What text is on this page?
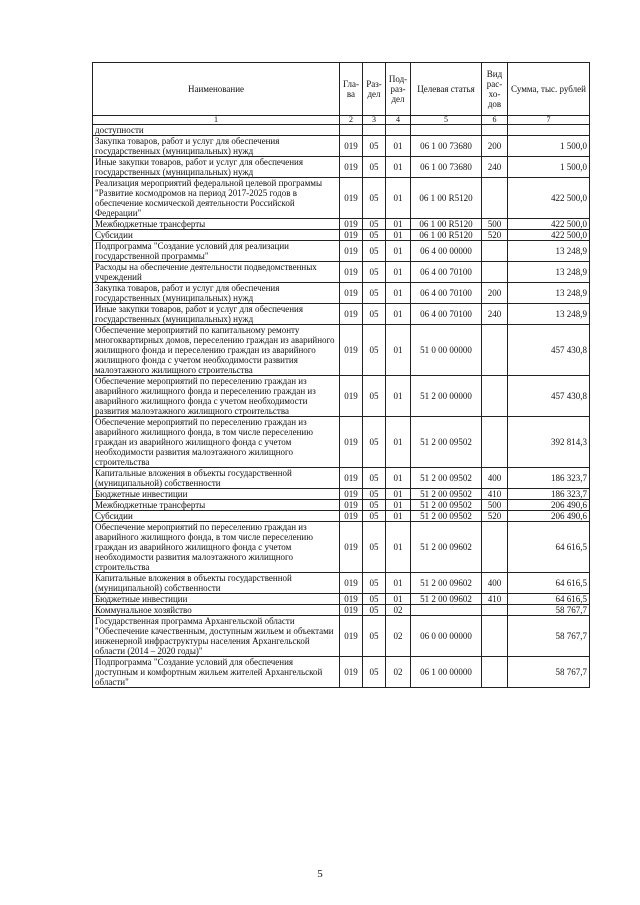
Наименование	Гла-ва	Раз-дел	Под-раз-дел	Целевая статья	Вид рас-хо-дов	Сумма, тыс. рублей
1	2	3	4	5	6	7
доступности						
Закупка товаров, работ и услуг для обеспечения государственных (муниципальных) нужд	019	05	01	06 1 00 73680	200	1 500,0
Иные закупки товаров, работ и услуг для обеспечения государственных (муниципальных) нужд	019	05	01	06 1 00 73680	240	1 500,0
Реализация мероприятий федеральной целевой программы "Развитие космодромов на период 2017-2025 годов в обеспечение космической деятельности Российской Федерации"	019	05	01	06 1 00 R5120		422 500,0
Межбюджетные трансферты	019	05	01	06 1 00 R5120	500	422 500,0
Субсидии	019	05	01	06 1 00 R5120	520	422 500,0
Подпрограмма "Создание условий для реализации государственной программы"	019	05	01	06 4 00 00000		13 248,9
Расходы на обеспечение деятельности подведомственных учреждений	019	05	01	06 4 00 70100		13 248,9
Закупка товаров, работ и услуг для обеспечения государственных (муниципальных) нужд	019	05	01	06 4 00 70100	200	13 248,9
Иные закупки товаров, работ и услуг для обеспечения государственных (муниципальных) нужд	019	05	01	06 4 00 70100	240	13 248,9
Обеспечение мероприятий по капитальному ремонту многоквартирных домов, переселению граждан из аварийного жилищного фонда и переселению граждан из аварийного жилищного фонда с учетом необходимости развития малоэтажного жилищного строительства	019	05	01	51 0 00 00000		457 430,8
Обеспечение мероприятий по переселению граждан из аварийного жилищного фонда и переселению граждан из аварийного жилищного фонда с учетом необходимости развития малоэтажного жилищного строительства	019	05	01	51 2 00 00000		457 430,8
Обеспечение мероприятий по переселению граждан из аварийного жилищного фонда, в том числе переселению граждан из аварийного жилищного фонда с учетом необходимости развития малоэтажного жилищного строительства	019	05	01	51 2 00 09502		392 814,3
Капитальные вложения в объекты государственной (муниципальной) собственности	019	05	01	51 2 00 09502	400	186 323,7
Бюджетные инвестиции	019	05	01	51 2 00 09502	410	186 323,7
Межбюджетные трансферты	019	05	01	51 2 00 09502	500	206 490,6
Субсидии	019	05	01	51 2 00 09502	520	206 490,6
Обеспечение мероприятий по переселению граждан из аварийного жилищного фонда, в том числе переселению граждан из аварийного жилищного фонда с учетом необходимости развития малоэтажного жилищного строительства	019	05	01	51 2 00 09602		64 616,5
Капитальные вложения в объекты государственной (муниципальной) собственности	019	05	01	51 2 00 09602	400	64 616,5
Бюджетные инвестиции	019	05	01	51 2 00 09602	410	64 616,5
Коммунальное хозяйство	019	05	02			58 767,7
Государственная программа Архангельской области "Обеспечение качественным, доступным жильем и объектами инженерной инфраструктуры населения Архангельской области (2014 – 2020 годы)"	019	05	02	06 0 00 00000		58 767,7
Подпрограмма "Создание условий для обеспечения доступным и комфортным жильем жителей Архангельской области"	019	05	02	06 1 00 00000		58 767,7
5
